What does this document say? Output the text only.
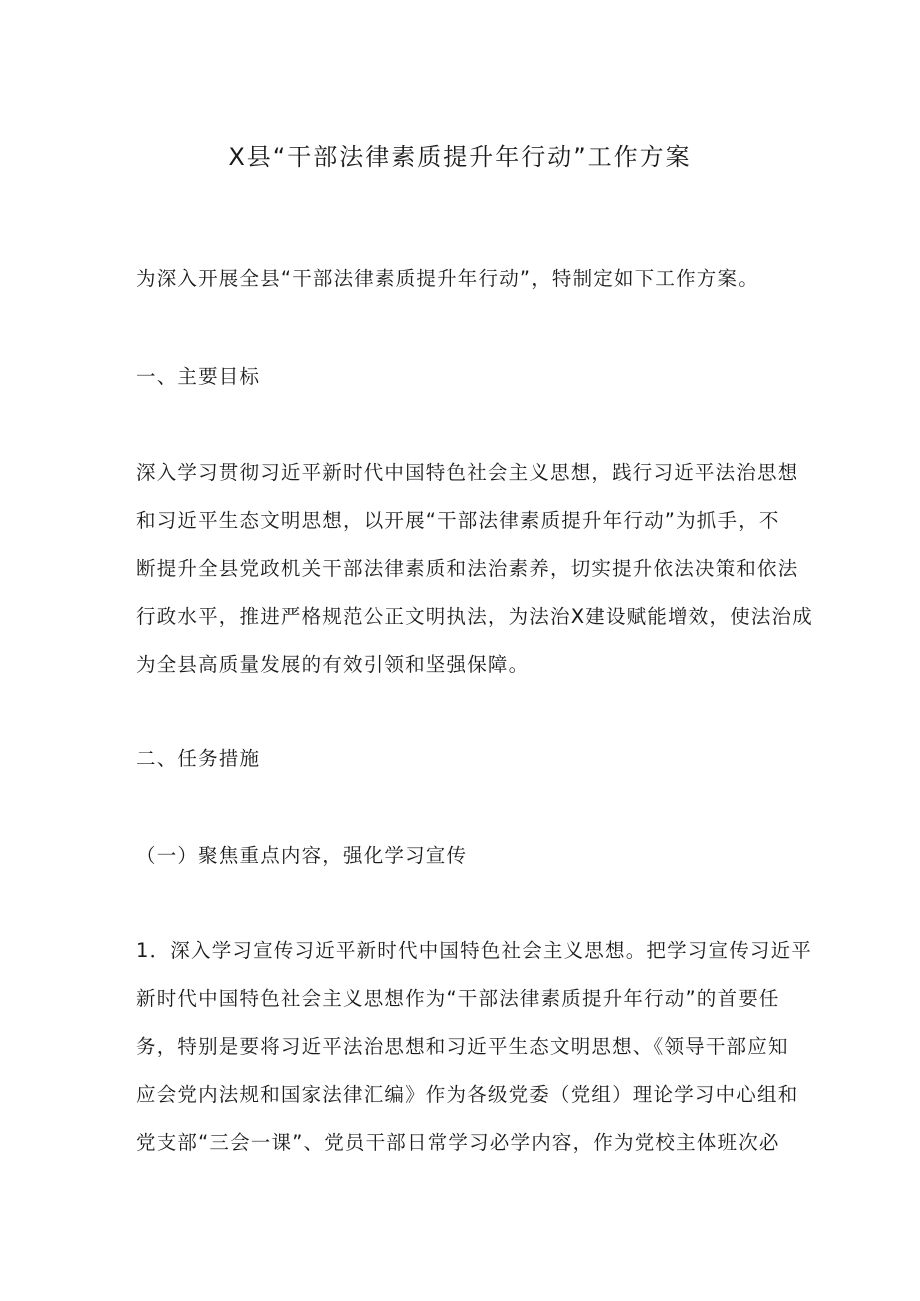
X县“干部法律素质提升年行动”工作方案

为深入开展全县“干部法律素质提升年行动”，特制定如下工作方案。

一、主要目标

深入学习贯彻习近平新时代中国特色社会主义思想，践行习近平法治思想
和习近平生态文明思想，以开展“干部法律素质提升年行动”为抓手，不
断提升全县党政机关干部法律素质和法治素养，切实提升依法决策和依法
行政水平，推进严格规范公正文明执法，为法治X建设赋能增效，使法治成
为全县高质量发展的有效引领和坚强保障。

二、任务措施

（一）聚焦重点内容，强化学习宣传

1．深入学习宣传习近平新时代中国特色社会主义思想。把学习宣传习近平
新时代中国特色社会主义思想作为“干部法律素质提升年行动”的首要任
务，特别是要将习近平法治思想和习近平生态文明思想、《领导干部应知
应会党内法规和国家法律汇编》作为各级党委（党组）理论学习中心组和
党支部“三会一课”、党员干部日常学习必学内容，作为党校主体班次必
